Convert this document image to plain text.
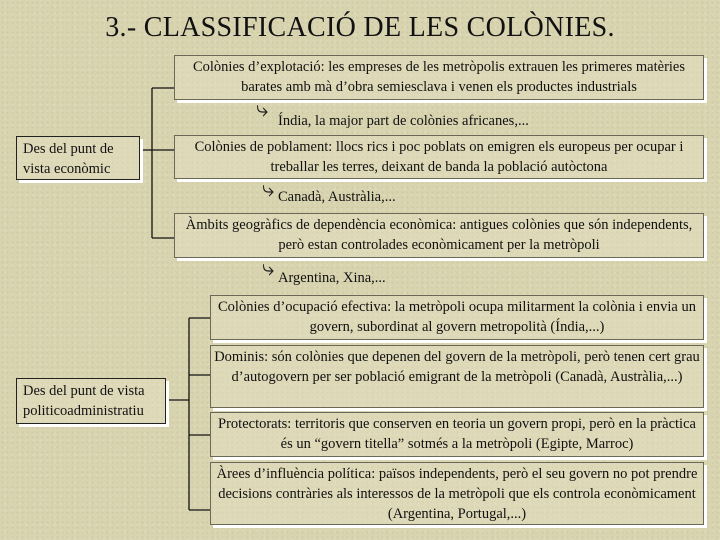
3.- CLASSIFICACIÓ DE LES COLÒNIES.
Des del punt de vista econòmic
Colònies d’explotació: les empreses de les metròpolis extrauen les primeres matèries barates amb mà d’obra semiesclava i venen els productes industrials
⤷ Índia, la major part de colònies africanes,...
Colònies de poblament: llocs rics i poc poblats on emigren els europeus per ocupar i treballar les terres, deixant de banda la població autòctona
⤷ Canadà, Austràlia,...
Àmbits geogràfics de dependència econòmica: antigues colònies que són independents, però estan controlades econòmicament per la metròpoli
⤷ Argentina, Xina,...
Des del punt de vista politicoadministratiu
Colònies d’ocupació efectiva: la metròpoli ocupa militarment la colònia i envia un govern, subordinat al govern metropolità (Índia,...)
Dominis: són colònies que depenen del govern de la metròpoli, però tenen cert grau d’autogovern per ser població emigrant de la metròpoli (Canadà, Austràlia,...)
Protectorats: territoris que conserven en teoria un govern propi, però en la pràctica és un “govern titella” sotmés a la metròpoli (Egipte, Marroc)
Àrees d’influència política: països independents, però el seu govern no pot prendre decisions contràries als interessos de la metròpoli que els controla econòmicament (Argentina, Portugal,...)
